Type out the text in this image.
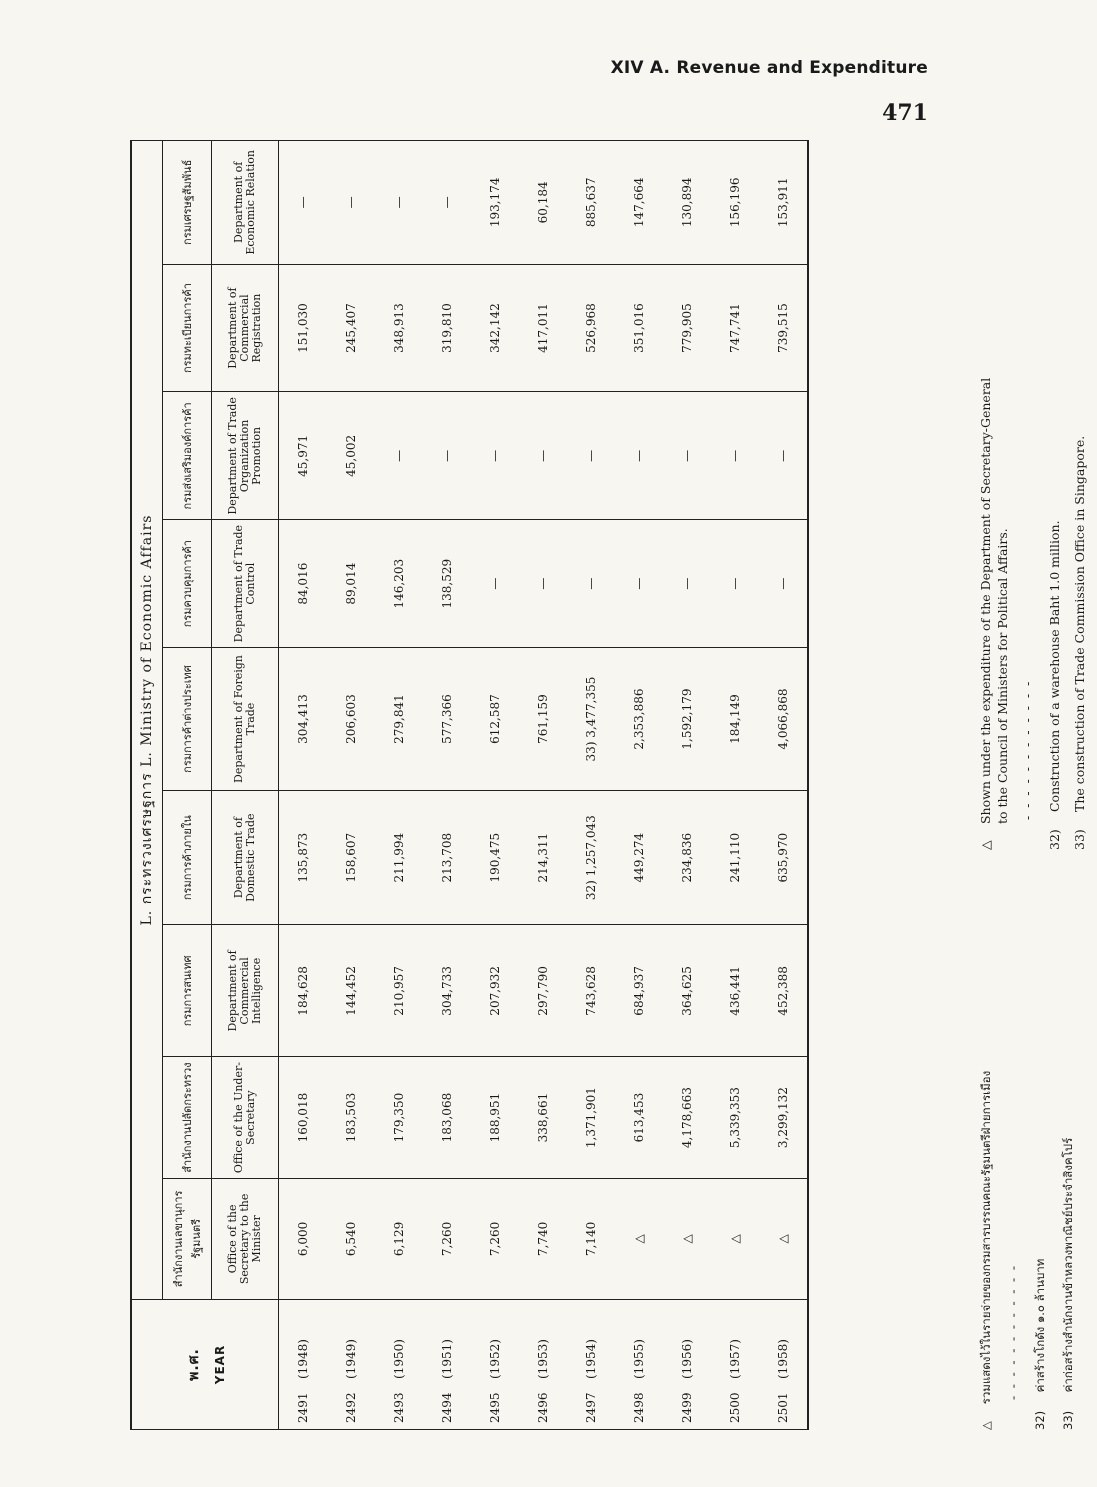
XIV A. Revenue and Expenditure
471
พ.ศ. YEAR	L. กระทรวงเศรษฐการ L. Ministry of Economic Affairs								
	สำนักงานเลขานุการรัฐมนตรี	สำนักงานปลัดกระทรวง	กรมการสนเทศ	กรมการค้าภายใน	กรมการค้าต่างประเทศ	กรมควบคุมการค้า	กรมส่งเสริมองค์การค้า	กรมทะเบียนการค้า	กรมเศรษฐสัมพันธ์
	Office of the Secretary to the Minister	Office of the Under-Secretary	Department of Commercial Intelligence	Department of Domestic Trade	Department of Foreign Trade	Department of Trade Control	Department of Trade Organization Promotion	Department of Commercial Registration	Department of Economic Relation
2491(1948)	6,000	160,018	184,628	135,873	304,413	84,016	45,971	151,030	—
2492(1949)	6,540	183,503	144,452	158,607	206,603	89,014	45,002	245,407	—
2493(1950)	6,129	179,350	210,957	211,994	279,841	146,203	—	348,913	—
2494(1951)	7,260	183,068	304,733	213,708	577,366	138,529	—	319,810	—
2495(1952)	7,260	188,951	207,932	190,475	612,587	—	—	342,142	193,174
2496(1953)	7,740	338,661	297,790	214,311	761,159	—	—	417,011	60,184
2497(1954)	7,140	1,371,901	743,628	32) 1,257,043	33) 3,477,355	—	—	526,968	885,637
2498(1955)	△	613,453	684,937	449,274	2,353,886	—	—	351,016	147,664
2499(1956)	△	4,178,663	364,625	234,836	1,592,179	—	—	779,905	130,894
2500(1957)	△	5,339,353	436,441	241,110	184,149	—	—	747,741	156,196
2501(1958)	△	3,299,132	452,388	635,970	4,066,868	—	—	739,515	153,911
△ รวมแสดงไว้ในรายจ่ายของกรมสารบรรณคณะรัฐมนตรีฝ่ายการเมือง - - - - - - - - - - - -
32) ค่าสร้างโกดัง ๑.๐ ล้านบาท
33) ค่าก่อสร้างสำนักงานข้าหลวงพาณิชย์ประจำสิงคโปร์
△ Shown under the expenditure of the Department of Secretary-General to the Council of Ministers for Political Affairs. - - - - - - - - - - - -
32) Construction of a warehouse Baht 1.0 million.
33) The construction of Trade Commission Office in Singapore.
